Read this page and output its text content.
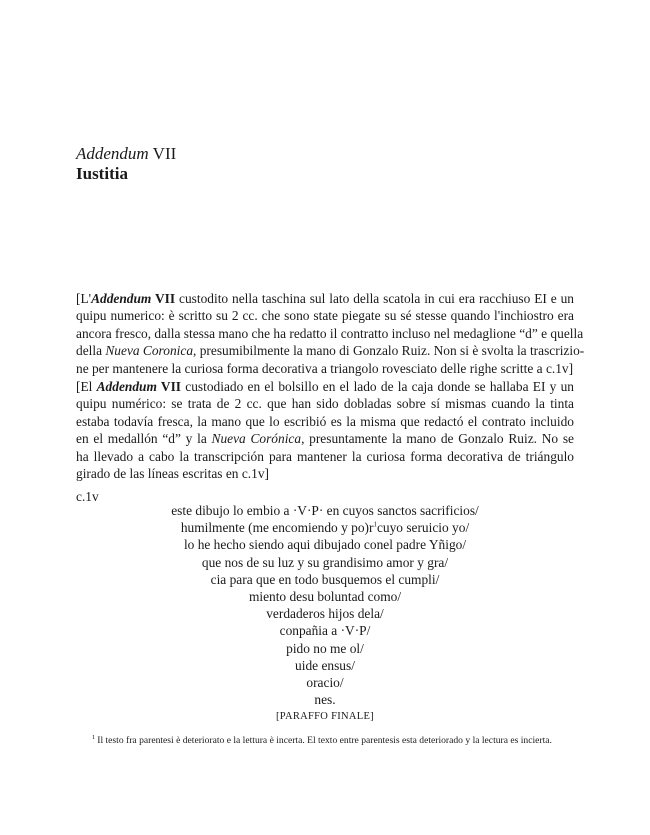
Addendum VII
Iustitia
[L'Addendum VII custodito nella taschina sul lato della scatola in cui era racchiuso EI e un
quipu numerico: è scritto su 2 cc. che sono state piegate su sé stesse quando l'inchiostro era
ancora fresco, dalla stessa mano che ha redatto il contratto incluso nel medaglione “d” e quella
della Nueva Coronica, presumibilmente la mano di Gonzalo Ruiz. Non si è svolta la trascrizio-
ne per mantenere la curiosa forma decorativa a triangolo rovesciato delle righe scritte a c.1v]
[El Addendum VII custodiado en el bolsillo en el lado de la caja donde se hallaba EI y un
quipu numérico: se trata de 2 cc. que han sido dobladas sobre sí mismas cuando la tinta
estaba todavía fresca, la mano que lo escribió es la misma que redactó el contrato incluido
en el medallón “d” y la Nueva Corónica, presuntamente la mano de Gonzalo Ruiz. No se
ha llevado a cabo la transcripción para mantener la curiosa forma decorativa de triángulo
girado de las líneas escritas en c.1v]
c.1v
este dibujo lo embio a ·V·P· en cuyos sanctos sacrificios/
humilmente (me encomiendo y po)r$^1$cuyo seruicio yo/
lo he hecho siendo aqui dibujado conel padre Yñigo/
que nos de su luz y su grandisimo amor y gra/
cia para que en todo busquemos el cumpli/
miento desu boluntad como/
verdaderos hijos dela/
conpañia a ·V·P/
pido no me ol/
uide ensus/
oracio/
nes.
[PARAFFO FINALE]
$^1$ Il testo fra parentesi è deteriorato e la lettura è incerta. El texto entre parentesis esta deteriorado y la lectura es incierta.
